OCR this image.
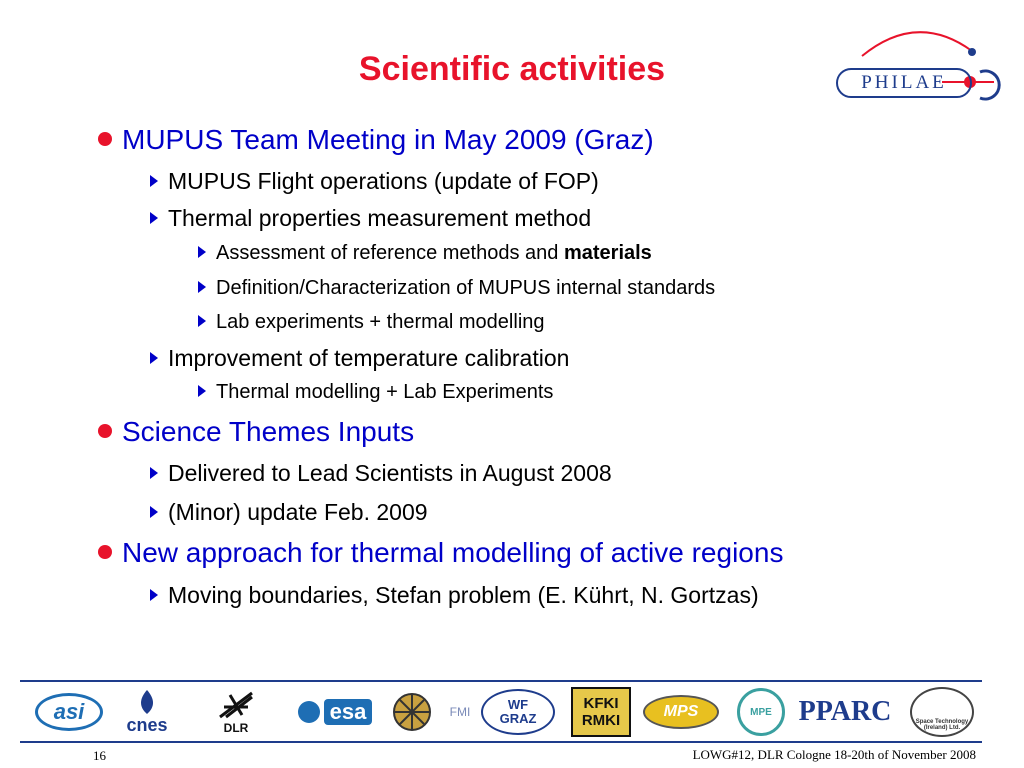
Scientific activities	PHILAE
MUPUS Team Meeting in May 2009 (Graz)
MUPUS Flight operations (update of FOP)
Thermal properties measurement method
Assessment of reference methods and materials
Definition/Characterization of MUPUS internal standards
Lab experiments + thermal modelling
Improvement of temperature calibration
Thermal modelling + Lab Experiments
Science Themes Inputs
Delivered to Lead Scientists in August 2008
(Minor) update Feb. 2009
New approach for thermal modelling of active regions
Moving boundaries, Stefan problem (E. Kührt, N. Gortzas)
asi
cnes	DLR
esa	FMI	WF
GRAZ
KFKI
RMKI
MPS	MPE PPARC	Space Technology (Ireland) Ltd.
16	LOWG#12, DLR Cologne 18-20th of November 2008
